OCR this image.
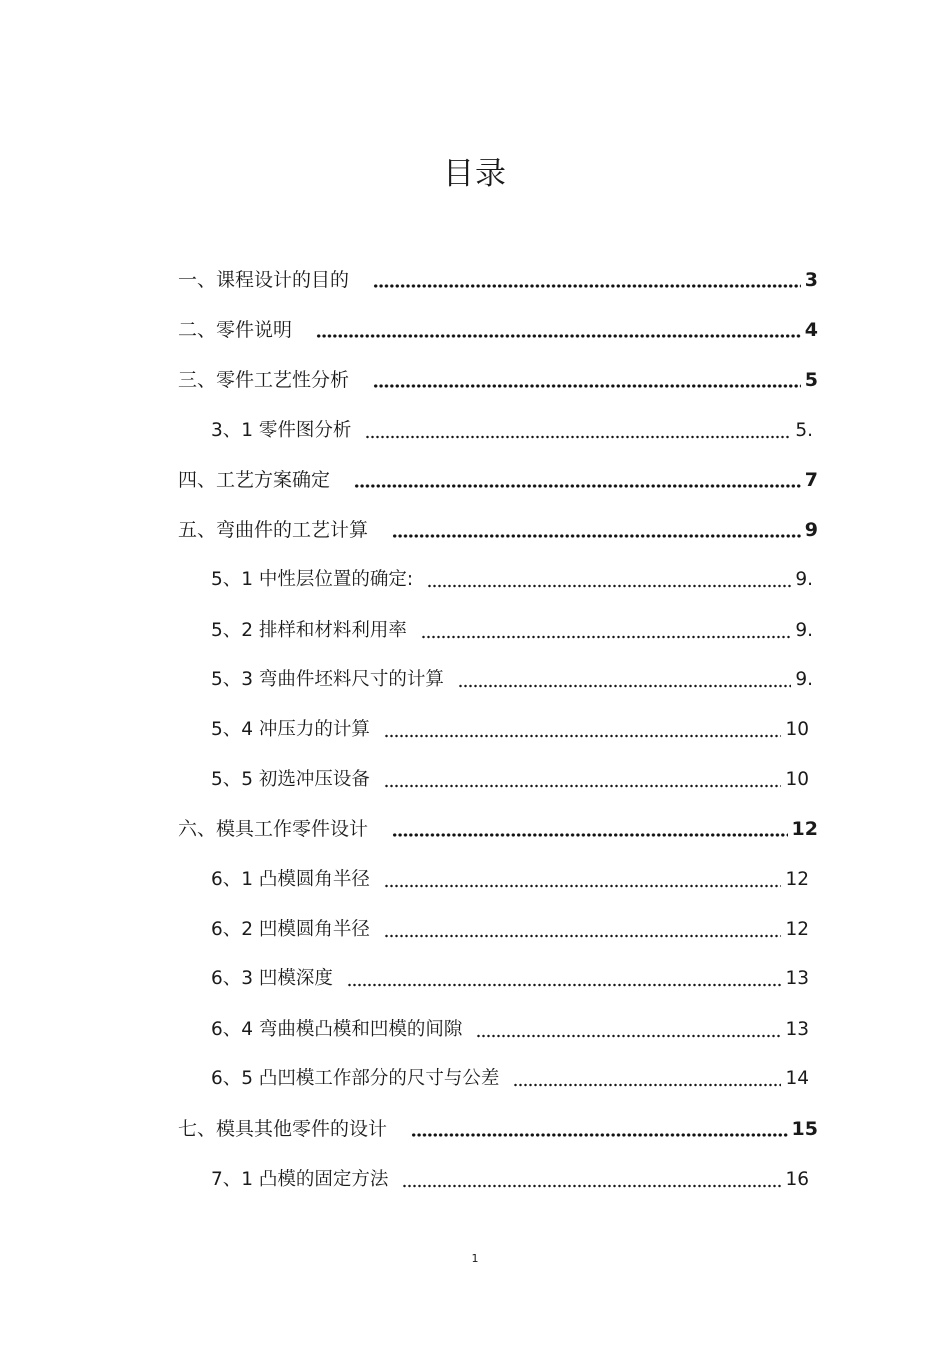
目录
一、课程设计的目的	3
二、零件说明	4
三、零件工艺性分析	5
3、1 零件图分析	5.
四、工艺方案确定	7
五、弯曲件的工艺计算	9
5、1 中性层位置的确定:	9.
5、2 排样和材料利用率	9.
5、3 弯曲件坯料尺寸的计算	9.
5、4 冲压力的计算	10
5、5 初选冲压设备	10
六、模具工作零件设计	12
6、1 凸模圆角半径	12
6、2 凹模圆角半径	12
6、3 凹模深度	13
6、4 弯曲模凸模和凹模的间隙	13
6、5 凸凹模工作部分的尺寸与公差	14
七、模具其他零件的设计	15
7、1 凸模的固定方法	16
1
